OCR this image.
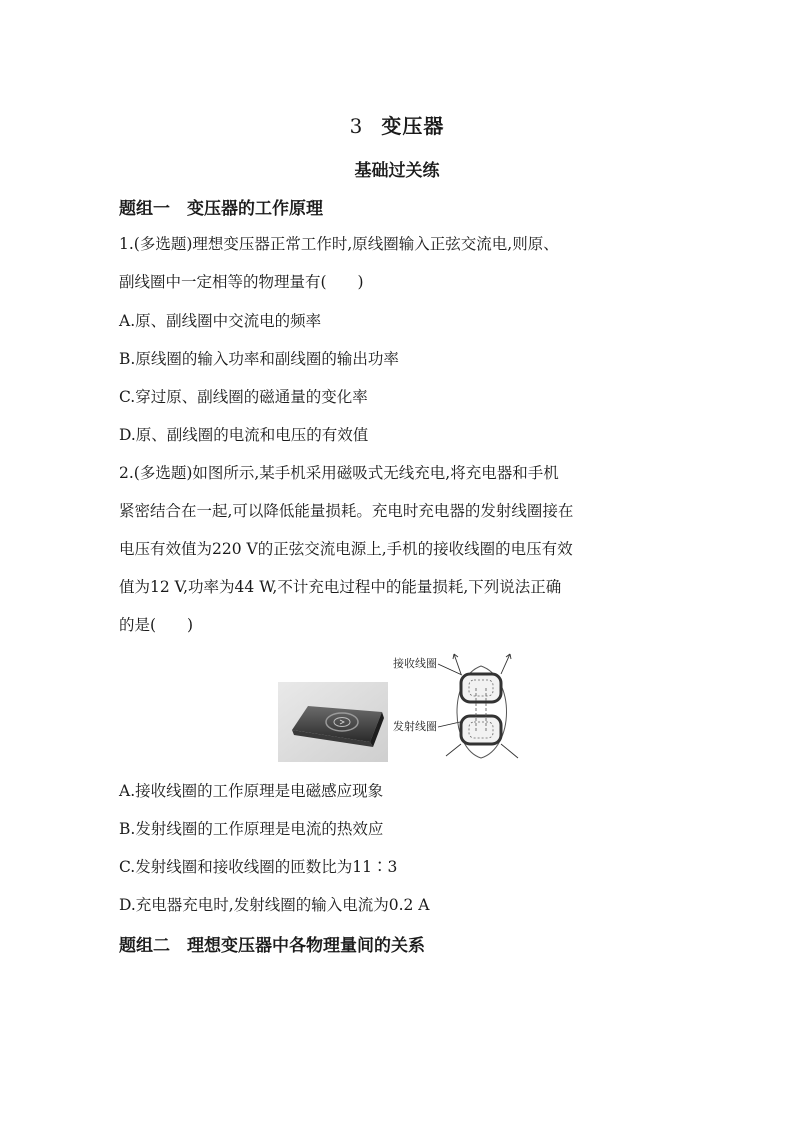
3 变压器
基础过关练
题组一　变压器的工作原理
1.(多选题)理想变压器正常工作时,原线圈输入正弦交流电,则原、
副线圈中一定相等的物理量有(　　)
A.原、副线圈中交流电的频率
B.原线圈的输入功率和副线圈的输出功率
C.穿过原、副线圈的磁通量的变化率
D.原、副线圈的电流和电压的有效值
2.(多选题)如图所示,某手机采用磁吸式无线充电,将充电器和手机
紧密结合在一起,可以降低能量损耗。充电时充电器的发射线圈接在
电压有效值为220 V的正弦交流电源上,手机的接收线圈的电压有效
值为12 V,功率为44 W,不计充电过程中的能量损耗,下列说法正确
的是(　　)
接收线圈
发射线圈
A.接收线圈的工作原理是电磁感应现象
B.发射线圈的工作原理是电流的热效应
C.发射线圈和接收线圈的匝数比为11∶3
D.充电器充电时,发射线圈的输入电流为0.2 A
题组二　理想变压器中各物理量间的关系
